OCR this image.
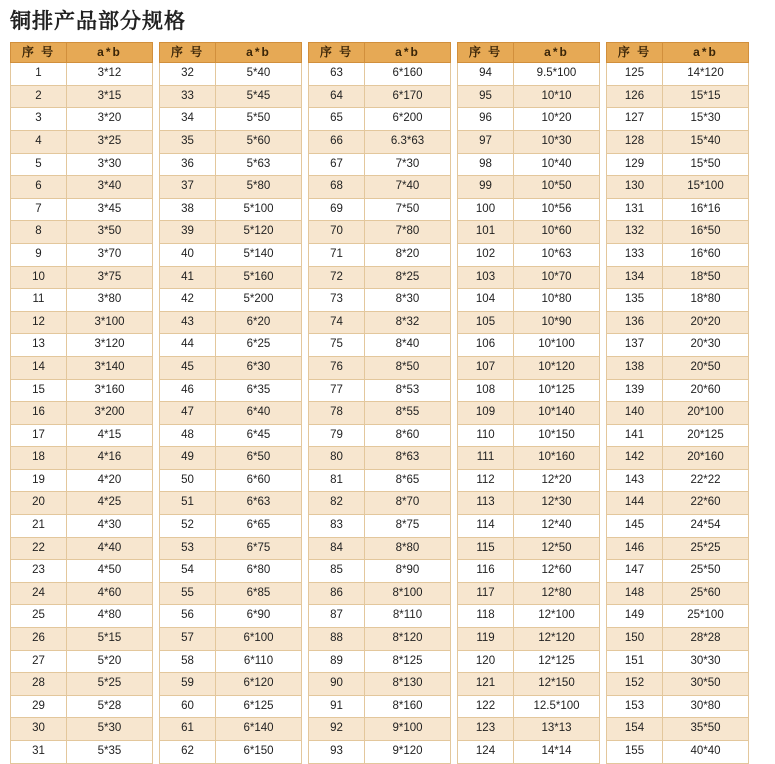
铜排产品部分规格
序 号	a*b
1	3*12
2	3*15
3	3*20
4	3*25
5	3*30
6	3*40
7	3*45
8	3*50
9	3*70
10	3*75
11	3*80
12	3*100
13	3*120
14	3*140
15	3*160
16	3*200
17	4*15
18	4*16
19	4*20
20	4*25
21	4*30
22	4*40
23	4*50
24	4*60
25	4*80
26	5*15
27	5*20
28	5*25
29	5*28
30	5*30
31	5*35
序 号	a*b
32	5*40
33	5*45
34	5*50
35	5*60
36	5*63
37	5*80
38	5*100
39	5*120
40	5*140
41	5*160
42	5*200
43	6*20
44	6*25
45	6*30
46	6*35
47	6*40
48	6*45
49	6*50
50	6*60
51	6*63
52	6*65
53	6*75
54	6*80
55	6*85
56	6*90
57	6*100
58	6*110
59	6*120
60	6*125
61	6*140
62	6*150
序 号	a*b
63	6*160
64	6*170
65	6*200
66	6.3*63
67	7*30
68	7*40
69	7*50
70	7*80
71	8*20
72	8*25
73	8*30
74	8*32
75	8*40
76	8*50
77	8*53
78	8*55
79	8*60
80	8*63
81	8*65
82	8*70
83	8*75
84	8*80
85	8*90
86	8*100
87	8*110
88	8*120
89	8*125
90	8*130
91	8*160
92	9*100
93	9*120
序 号	a*b
94	9.5*100
95	10*10
96	10*20
97	10*30
98	10*40
99	10*50
100	10*56
101	10*60
102	10*63
103	10*70
104	10*80
105	10*90
106	10*100
107	10*120
108	10*125
109	10*140
110	10*150
111	10*160
112	12*20
113	12*30
114	12*40
115	12*50
116	12*60
117	12*80
118	12*100
119	12*120
120	12*125
121	12*150
122	12.5*100
123	13*13
124	14*14
序 号	a*b
125	14*120
126	15*15
127	15*30
128	15*40
129	15*50
130	15*100
131	16*16
132	16*50
133	16*60
134	18*50
135	18*80
136	20*20
137	20*30
138	20*50
139	20*60
140	20*100
141	20*125
142	20*160
143	22*22
144	22*60
145	24*54
146	25*25
147	25*50
148	25*60
149	25*100
150	28*28
151	30*30
152	30*50
153	30*80
154	35*50
155	40*40
